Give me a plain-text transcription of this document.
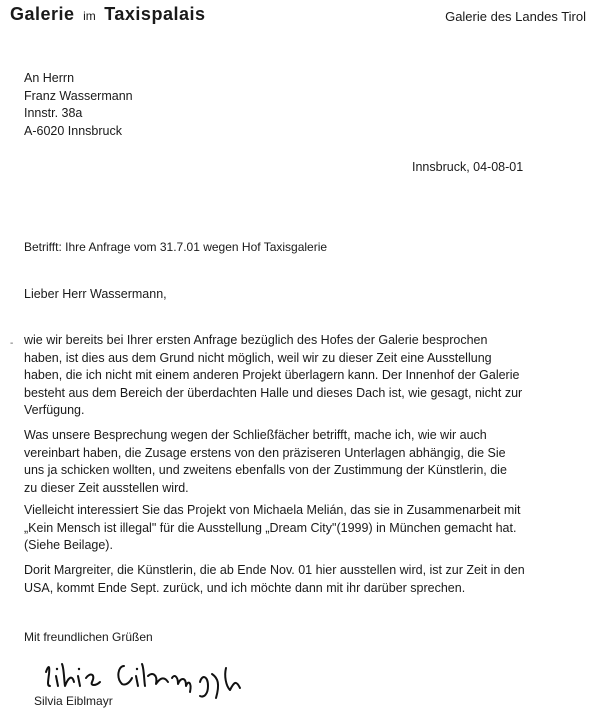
Galerie im Taxispalais	Galerie des Landes Tirol
An Herrn
Franz Wassermann
Innstr. 38a
A-6020 Innsbruck
Innsbruck, 04-08-01
Betrifft: Ihre Anfrage vom 31.7.01 wegen Hof Taxisgalerie
Lieber Herr Wassermann,
‑ wie wir bereits bei Ihrer ersten Anfrage bezüglich des Hofes der Galerie besprochen
haben, ist dies aus dem Grund nicht möglich, weil wir zu dieser Zeit eine Ausstellung
haben, die ich nicht mit einem anderen Projekt überlagern kann. Der Innenhof der Galerie
besteht aus dem Bereich der überdachten Halle und dieses Dach ist, wie gesagt, nicht zur
Verfügung.
Was unsere Besprechung wegen der Schließfächer betrifft, mache ich, wie wir auch
vereinbart haben, die Zusage erstens von den präziseren Unterlagen abhängig, die Sie
uns ja schicken wollten, und zweitens ebenfalls von der Zustimmung der Künstlerin, die
zu dieser Zeit ausstellen wird.
Vielleicht interessiert Sie das Projekt von Michaela Melián, das sie in Zusammenarbeit mit
„Kein Mensch ist illegal" für die Ausstellung „Dream City"(1999) in München gemacht hat.
(Siehe Beilage).
Dorit Margreiter, die Künstlerin, die ab Ende Nov. 01 hier ausstellen wird, ist zur Zeit in den
USA, kommt Ende Sept. zurück, und ich möchte dann mit ihr darüber sprechen.
Mit freundlichen Grüßen
Silvia Eiblmayr
